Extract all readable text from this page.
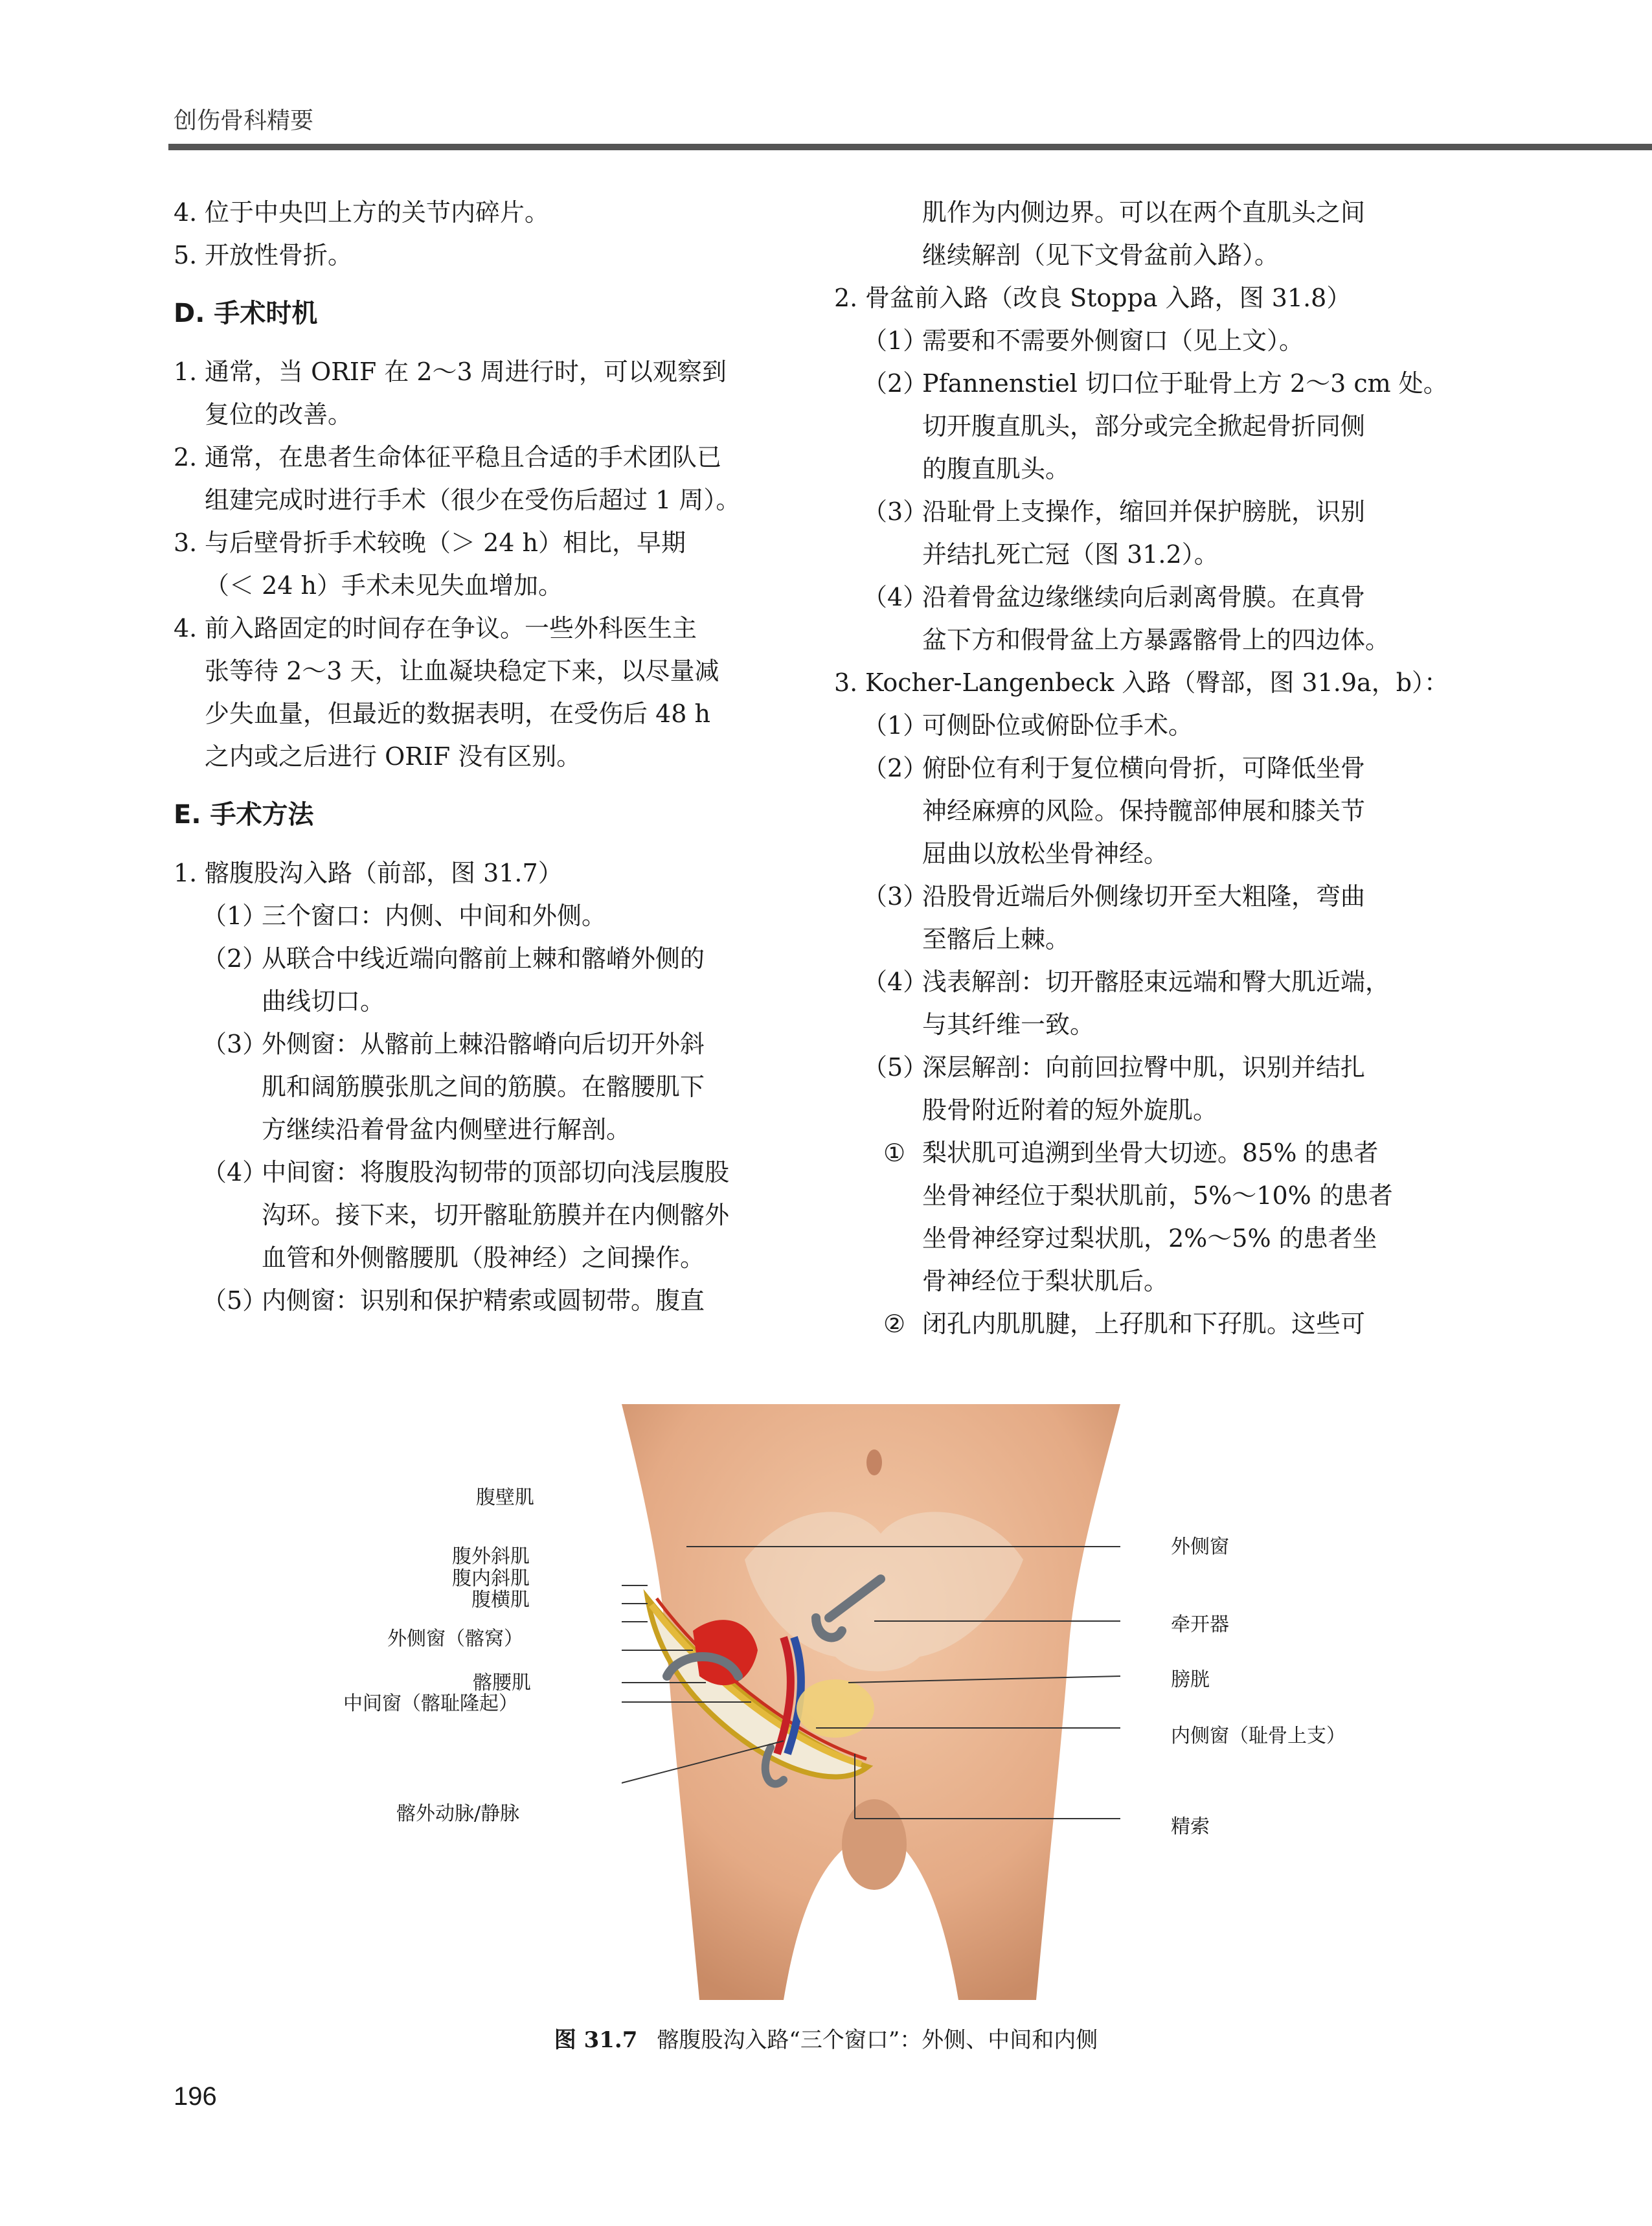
创伤骨科精要
4. 位于中央凹上方的关节内碎片。
5. 开放性骨折。
D. 手术时机
1. 通常，当 ORIF 在 2～3 周进行时，可以观察到
复位的改善。
2. 通常，在患者生命体征平稳且合适的手术团队已
组建完成时进行手术（很少在受伤后超过 1 周）。
3. 与后壁骨折手术较晚（＞ 24 h）相比，早期
（＜ 24 h）手术未见失血增加。
4. 前入路固定的时间存在争议。一些外科医生主
张等待 2～3 天，让血凝块稳定下来，以尽量减
少失血量，但最近的数据表明，在受伤后 48 h
之内或之后进行 ORIF 没有区别。
E. 手术方法
1. 髂腹股沟入路（前部，图 31.7）
（1）
三个窗口：内侧、中间和外侧。
（2）
从联合中线近端向髂前上棘和髂嵴外侧的
曲线切口。
（3）
外侧窗：从髂前上棘沿髂嵴向后切开外斜
肌和阔筋膜张肌之间的筋膜。在髂腰肌下
方继续沿着骨盆内侧壁进行解剖。
（4）
中间窗：将腹股沟韧带的顶部切向浅层腹股
沟环。接下来，切开髂耻筋膜并在内侧髂外
血管和外侧髂腰肌（股神经）之间操作。
（5）
内侧窗：识别和保护精索或圆韧带。腹直
肌作为内侧边界。可以在两个直肌头之间
继续解剖（见下文骨盆前入路）。
2. 骨盆前入路（改良 Stoppa 入路，图 31.8）
（1）
需要和不需要外侧窗口（见上文）。
（2）
Pfannenstiel 切口位于耻骨上方 2～3 cm 处。
切开腹直肌头，部分或完全掀起骨折同侧
的腹直肌头。
（3）
沿耻骨上支操作，缩回并保护膀胱，识别
并结扎死亡冠（图 31.2）。
（4）
沿着骨盆边缘继续向后剥离骨膜。在真骨
盆下方和假骨盆上方暴露髂骨上的四边体。
3. Kocher-Langenbeck 入路（臀部，图 31.9a，b）：
（1）
可侧卧位或俯卧位手术。
（2）
俯卧位有利于复位横向骨折，可降低坐骨
神经麻痹的风险。保持髋部伸展和膝关节
屈曲以放松坐骨神经。
（3）
沿股骨近端后外侧缘切开至大粗隆，弯曲
至髂后上棘。
（4）
浅表解剖：切开髂胫束远端和臀大肌近端，
与其纤维一致。
（5）
深层解剖：向前回拉臀中肌，识别并结扎
股骨附近附着的短外旋肌。
① 梨状肌可追溯到坐骨大切迹。85% 的患者
坐骨神经位于梨状肌前，5%～10% 的患者
坐骨神经穿过梨状肌，2%～5% 的患者坐
骨神经位于梨状肌后。
② 闭孔内肌肌腱，上孖肌和下孖肌。这些可
腹壁肌
腹外斜肌
腹内斜肌
腹横肌
外侧窗（髂窝）
髂腰肌
中间窗（髂耻隆起）
髂外动脉/静脉
外侧窗
牵开器
膀胱
内侧窗（耻骨上支）
精索
图 31.7 髂腹股沟入路“三个窗口”：外侧、中间和内侧
196
